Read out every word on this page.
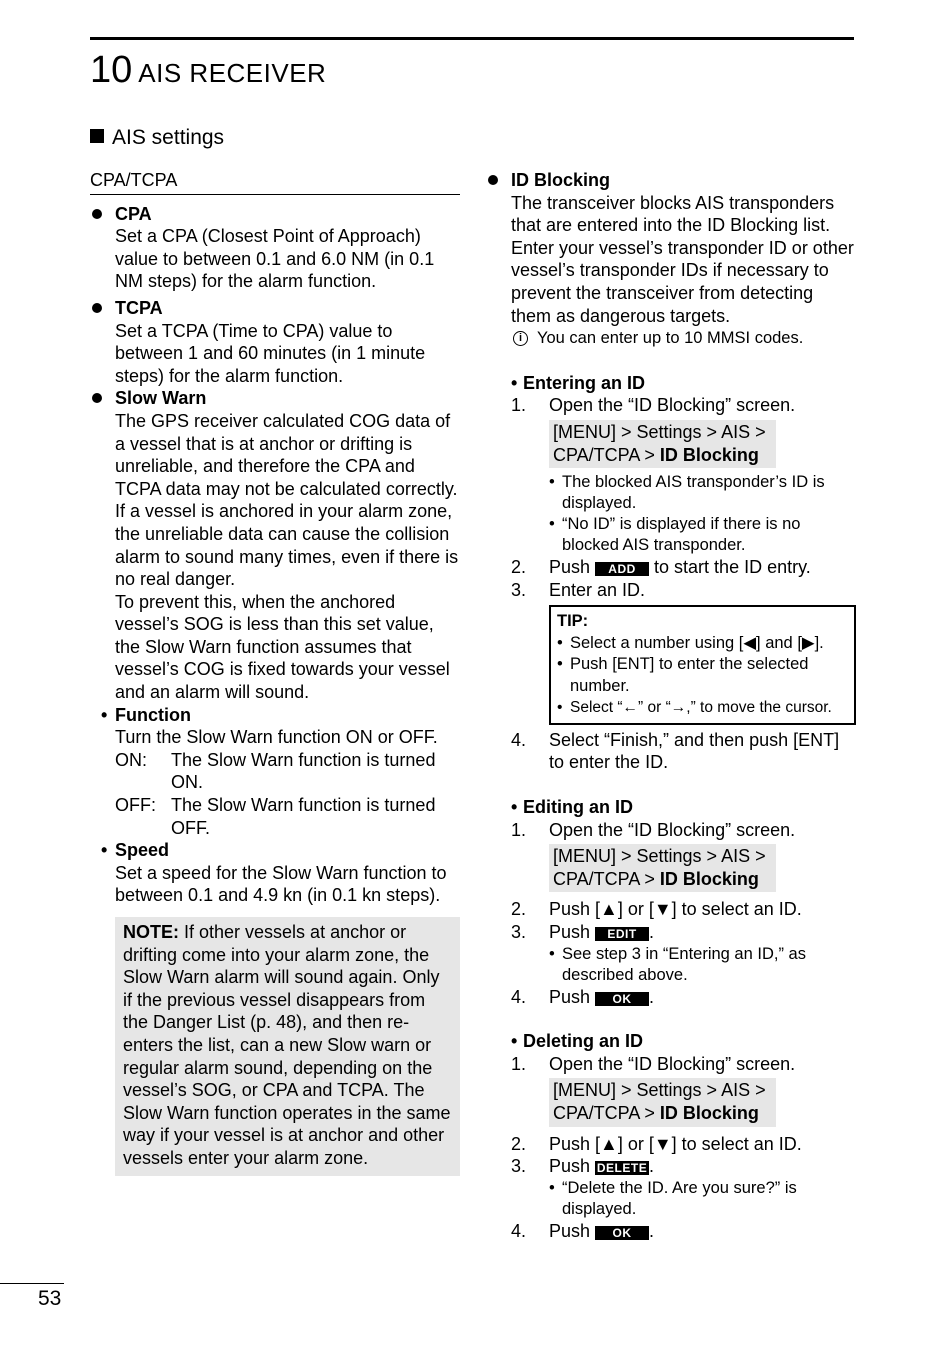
10 AIS RECEIVER
AIS settings
CPA/TCPA
CPA
Set a CPA (Closest Point of Approach) value to between 0.1 and 6.0 NM (in 0.1 NM steps) for the alarm function.
TCPA
Set a TCPA (Time to CPA) value to between 1 and 60 minutes (in 1 minute steps) for the alarm function.
Slow Warn
The GPS receiver calculated COG data of a vessel that is at anchor or drifting is unreliable, and therefore the CPA and TCPA data may not be calculated correctly. If a vessel is anchored in your alarm zone, the unreliable data can cause the collision alarm to sound many times, even if there is no real danger.
To prevent this, when the anchored vessel’s SOG is less than this set value, the Slow Warn function assumes that vessel’s COG is fixed towards your vessel and an alarm will sound.
• Function
Turn the Slow Warn function ON or OFF.
ON:	The Slow Warn function is turned ON.
OFF: The Slow Warn function is turned OFF.
• Speed
Set a speed for the Slow Warn function to between 0.1 and 4.9 kn (in 0.1 kn steps).
NOTE: If other vessels at anchor or drifting come into your alarm zone, the Slow Warn alarm will sound again. Only if the previous vessel disappears from the Danger List (p. 48), and then re-enters the list, can a new Slow warn or regular alarm sound, depending on the vessel’s SOG, or CPA and TCPA. The Slow Warn function operates in the same way if your vessel is at anchor and other vessels enter your alarm zone.
ID Blocking
The transceiver blocks AIS transponders that are entered into the ID Blocking list. Enter your vessel’s transponder ID or other vessel’s transponder IDs if necessary to prevent the transceiver from detecting them as dangerous targets.
i You can enter up to 10 MMSI codes.
• Entering an ID
1.	Open the “ID Blocking” screen.
[MENU] > Settings > AIS >
CPA/TCPA > ID Blocking
• The blocked AIS transponder’s ID is displayed.
• “No ID” is displayed if there is no blocked AIS transponder.
2.	Push ADD to start the ID entry.
3.	Enter an ID.
TIP:
• Select a number using [◀] and [▶].
• Push [ENT] to enter the selected number.
• Select “←” or “→,” to move the cursor.
4.	Select “Finish,” and then push [ENT] to enter the ID.
• Editing an ID
1.	Open the “ID Blocking” screen.
[MENU] > Settings > AIS >
CPA/TCPA > ID Blocking
2.	Push [▲] or [▼] to select an ID.
3.	Push EDIT .
• See step 3 in “Entering an ID,” as described above.
4.	Push OK .
• Deleting an ID
1.	Open the “ID Blocking” screen.
[MENU] > Settings > AIS >
CPA/TCPA > ID Blocking
2.	Push [▲] or [▼] to select an ID.
3.	Push DELETE .
• “Delete the ID. Are you sure?” is displayed.
4.	Push OK .
53
